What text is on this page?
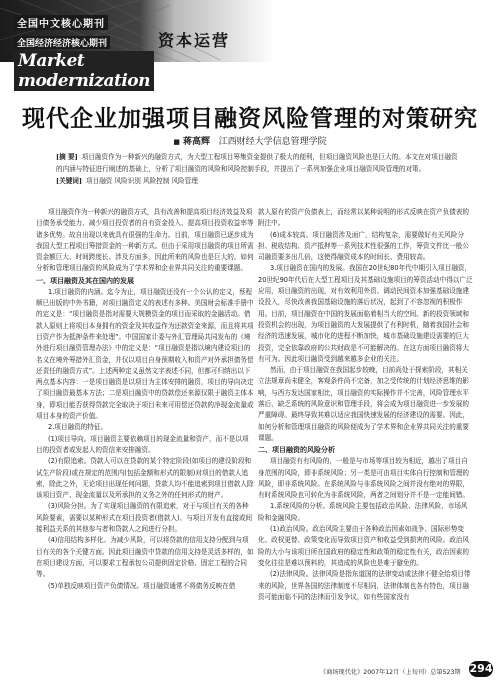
全国中文核心期刊
全国经济经济核心期刊
Market modernization
资本运营
现代企业加强项目融资风险管理的对策研究
■ 蒋高辉 江西财经大学信息管理学院
[摘 要] 项目融资作为一种新兴的融资方式，为大型工程项目筹集资金提供了极大的便利，但项目融资风险也是巨大的。本文在对项目融资的内涵与特征进行阐述的基础上，分析了项目融资的风险和风险控制手段，并提出了一系列加强企业项目融资风险管理的对策。
[关键词] 项目融资 风险识别 风险控制 风险管理

项目融资作为一种新兴的融资方式，具有改善和提高项目经济效益及项目债务承受能力、减少项目投资者的自有资金投入、提高项目投资收益率等诸多优势。故自出现以来就具有很强的生命力。目前，项目融资已逐步成为我国大型工程项目筹措资金的一种新方式。但由于采用项目融资的项目所需资金额巨大、时间跨度长、涉及方面多，因此所来的风险也是巨大的。如何分析和管理项目融资的风险成为了学术界和企业界共同关注的重要课题。

一、项目融资及其在国内的发展
1.项目融资的内涵。迄今为止，项目融资还没有一个公认的定义，蔡程顺已出版的中外书籍，对项目融资定义的表述有多种。美国财会标准手册中的定义是：“项目融资是指对需要大规模资金的项目而采取的金融活动。借款人原则上将项目本身拥有的资金及其收益作为还款资金来源，而且将其项目资产作为抵押条件来处理”。中国国家计委与外汇管理局共同发布的《境外进行项目融资管理办法》中的定义是：“项目融资是指以境内建设项目的名义在境外筹措外汇资金，并仅以项目自身预期收入和资产对外承担债务偿还责任的融资方式”。上述两种定义虽然文字表述不同，但都可归纳出以下两点基本内容：一是项目融资是以项目为主体安排的融资，项目的导向决定了项目融资最基本方法；二是项目融资中的贷款偿还来源仅限于融资主体本身，即项目能否获得贷款完全取决于项目未来可用偿还贷款的净现金流量或项目本身的资产价值。
2.项目融资的特征。

(1)项目导向。项目融资主要依赖项目的现金流量和资产，而不是以项目的投资者或发起人的资信来安排融资。

(2)有限追索。贷款人可以在贷款的某个特定阶段(如项目的建设阶段和试生产阶段)或在规定的范围内(包括金额和形式的限制)对项目的借款人追索，除此之外，无论项目出现任何问题，贷款人均不能追索到项目借款人除该项目资产、现金流量以及所承担的义务之外的任何形式的财产。

(3)风险分担。为了实现项目融资的有限追索，对于与项目有关的各种风险要素，需要以某种形式在项目投资者(借款人)、与项目开发有直接或间接利益关系的其他参与者和贷款人之间进行分担。

(4)信用结构多样化。为减少风险，可以将贷款的信用支持分配到与项目有关的各个关键方面。因此项目融资中贷款的信用支持是灵活多样的，如在项目建设方面，可以要求工程承包公司提供固定价格、固定工程的合同等。

(5)单独反映项目资产负债情况。项目融资通常不将债务反映在借

款人原有的资产负债表上，而经常以某种说明的形式反映在资产负债表的附注中。

(6)成本较高。项目融资涉及面广，结构复杂，需要做好有关风险分担、税收结构、资产抵押等一系列技术性很强的工作，筹资文件比一般公司融资要多出几倍，这使得融资成本的时间长、费用较高。

3.项目融资在国内的发展。我国在20世纪80年代中期引入项目融资，20世纪90年代后在大型工程项目及其基础设施项目的筹资活动中得以广泛应用，项目融资的出现，对有效利用外资、调动民间资本加强基础设施建设投入，尽快改善我国基础设施的落后状况，起到了不容忽视的积极作用。目前，项目融资在中国的发展面临着相当大的空间。新的投资领域和投资机会的出现，为项目融资的大发展提供了有利时机，随着我国社会和经济的迅速发展，城市化的进程不断加快，城市基础设施建设需要的巨大投资，完全依靠政府的公共财政是不可能解决的。在这方面项目融资将大有可为。因此项目融资受到越来越多企业的关注。

然而，由于项目融资在我国起步较晚，目前尚处于探索阶段，其相关立法规章尚未健全，客观条件尚不完备，加之受传统的计划经济思维的影响，与西方发达国家相比，项目融资的实际操作并不完善，风险管理水平落后，缺乏系统的风险意识和管理手段，将会成为项目融资进一步发展的严重障碍。最终导致其难以适应我国快速发展的经济建设的需要。因此，如何分析和管理项目融资的风险便成为了学术界和企业界共同关注的重要课题。

二、项目融资的风险分析

项目融资有有风险的，一般是与市场等项目较为相近，越出了项目自身范围的风险，即非系统风险；另一类是可由项目实体自行控制和管理的风险，即非系统风险。在系统风险与非系统风险之间并没有绝对的界限，有时系统风险也可转化为非系统风险，两者之间划分并不是一定能间错。

1.系统风险的分析。系统风险主要包括政治风险、法律风险、市场风险和金融风险。

(1)政治风险。政治风险主要由于各种政治因素如战争、国际形势变化、政权更替、政策变化而导致项目资产和收益受到损害的风险。政治风险的大小与该项目所在国政府的稳定性和政策的稳定性有关，政治因素的变化往往是难以预料的，其造成的风险也是难于避免的。

(2)法律风险。法律风险是指东道国的法律变动或法律不健全给项目带来的风险，世界各国的法律制度不尽相同，法律体制也各有特色，项目融资可能面临不同的法律而引发争议，如有些国家没有

《商场现代化》2007年12月（上旬刊）总第523期 294
